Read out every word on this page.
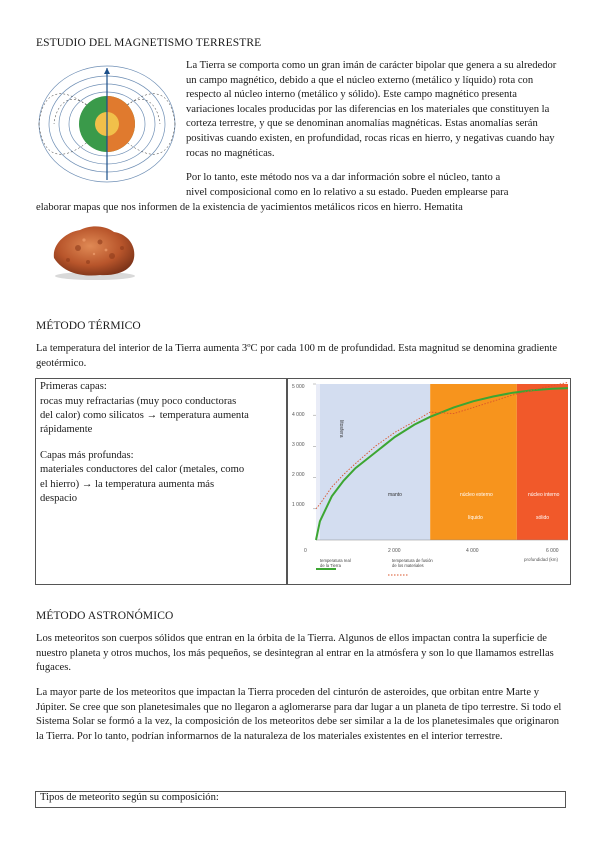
ESTUDIO DEL MAGNETISMO TERRESTRE
La Tierra se comporta como un gran imán de carácter bipolar que genera a su alrededor un campo magnético, debido a que el núcleo externo (metálico y líquido) rota con respecto al núcleo interno (metálico y sólido). Este campo magnético presenta variaciones locales producidas por las diferencias en los materiales que constituyen la corteza terrestre, y que se denominan anomalías magnéticas. Estas anomalías serán positivas cuando existen, en profundidad, rocas ricas en hierro, y negativas cuando hay rocas no magnéticas.
Por lo tanto, este método nos va a dar información sobre el núcleo, tanto a
nivel composicional como en lo relativo a su estado. Pueden emplearse para
elaborar mapas que nos informen de la existencia de yacimientos metálicos ricos en hierro. Hematita
MÉTODO TÉRMICO
La temperatura del interior de la Tierra aumenta 3ºC por cada 100 m de profundidad. Esta magnitud se denomina gradiente geotérmico.
Primeras capas:
rocas muy refractarias (muy poco conductoras
del calor) como silicatos → temperatura aumenta
rápidamente
Capas más profundas:
materiales conductores del calor (metales, como
el hierro) → la temperatura aumenta más
despacio
5 000
4 000
3 000
2 000
1 000
0	2 000	4 000	6 000
profundidad (km)
litosfera
manto	núcleo externo
líquido
núcleo interno
sólido
temperatura real
de la Tierra
temperatura de fusión
de los materiales
MÉTODO ASTRONÓMICO
Los meteoritos son cuerpos sólidos que entran en la órbita de la Tierra. Algunos de ellos impactan contra la superficie de nuestro planeta y otros muchos, los más pequeños, se desintegran al entrar en la atmósfera y son lo que llamamos estrellas fugaces.
La mayor parte de los meteoritos que impactan la Tierra proceden del cinturón de asteroides, que orbitan entre Marte y Júpiter. Se cree que son planetesimales que no llegaron a aglomerarse para dar lugar a un planeta de tipo terrestre. Si todo el Sistema Solar se formó a la vez, la composición de los meteoritos debe ser similar a la de los planetesimales que originaron la Tierra. Por lo tanto, podrían informarnos de la naturaleza de los materiales existentes en el interior terrestre.
Tipos de meteorito según su composición:
